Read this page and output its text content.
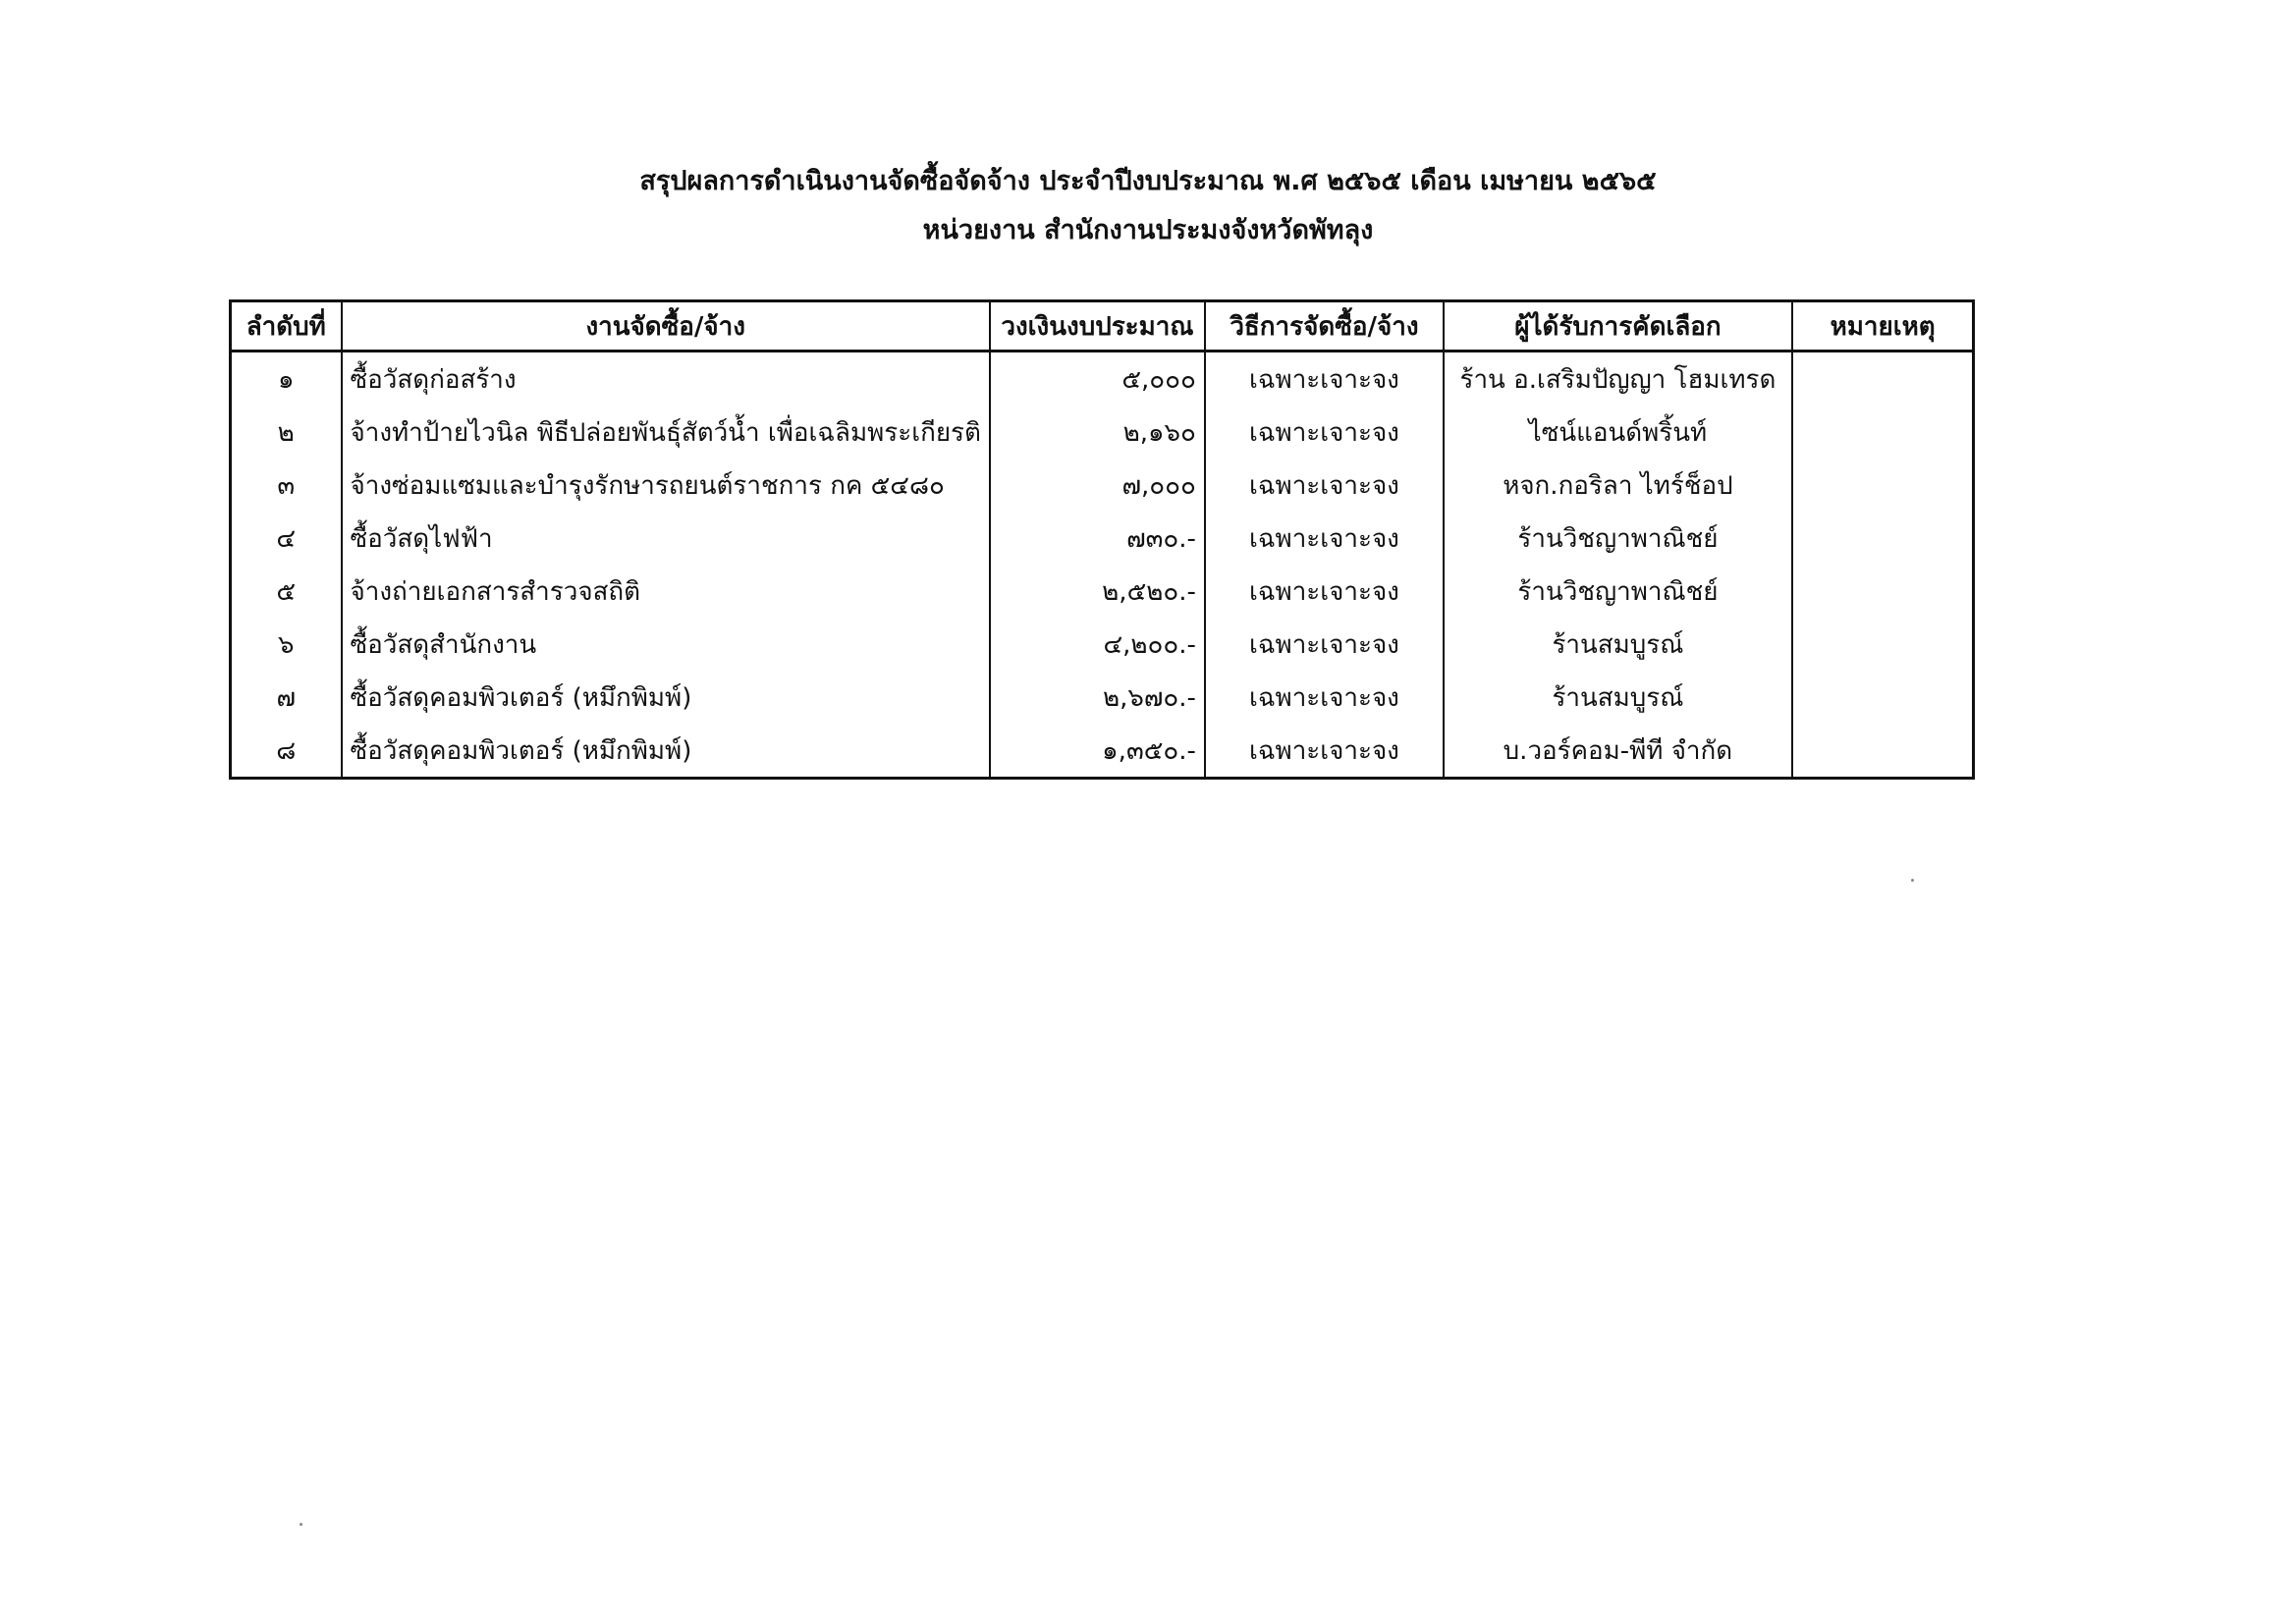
สรุปผลการดำเนินงานจัดซื้อจัดจ้าง ประจำปีงบประมาณ พ.ศ ๒๕๖๕ เดือน เมษายน ๒๕๖๕
หน่วยงาน สำนักงานประมงจังหวัดพัทลุง
ลำดับที่	งานจัดซื้อ/จ้าง	วงเงินงบประมาณ	วิธีการจัดซื้อ/จ้าง	ผู้ได้รับการคัดเลือก	หมายเหตุ
๑	ซื้อวัสดุก่อสร้าง	๕,๐๐๐	เฉพาะเจาะจง	ร้าน อ.เสริมปัญญา โฮมเทรด	
๒	จ้างทำป้ายไวนิล พิธีปล่อยพันธุ์สัตว์น้ำ เพื่อเฉลิมพระเกียรติ	๒,๑๖๐	เฉพาะเจาะจง	ไซน์แอนด์พริ้นท์	
๓	จ้างซ่อมแซมและบำรุงรักษารถยนต์ราชการ กค ๕๔๘๐	๗,๐๐๐	เฉพาะเจาะจง	หจก.กอริลา ไทร์ช็อป	
๔	ซื้อวัสดุไฟฟ้า	๗๓๐.-	เฉพาะเจาะจง	ร้านวิชญาพาณิชย์	
๕	จ้างถ่ายเอกสารสำรวจสถิติ	๒,๕๒๐.-	เฉพาะเจาะจง	ร้านวิชญาพาณิชย์	
๖	ซื้อวัสดุสำนักงาน	๔,๒๐๐.-	เฉพาะเจาะจง	ร้านสมบูรณ์	
๗	ซื้อวัสดุคอมพิวเตอร์ (หมึกพิมพ์)	๒,๖๗๐.-	เฉพาะเจาะจง	ร้านสมบูรณ์	
๘	ซื้อวัสดุคอมพิวเตอร์ (หมึกพิมพ์)	๑,๓๕๐.-	เฉพาะเจาะจง	บ.วอร์คอม-พีที จำกัด	
